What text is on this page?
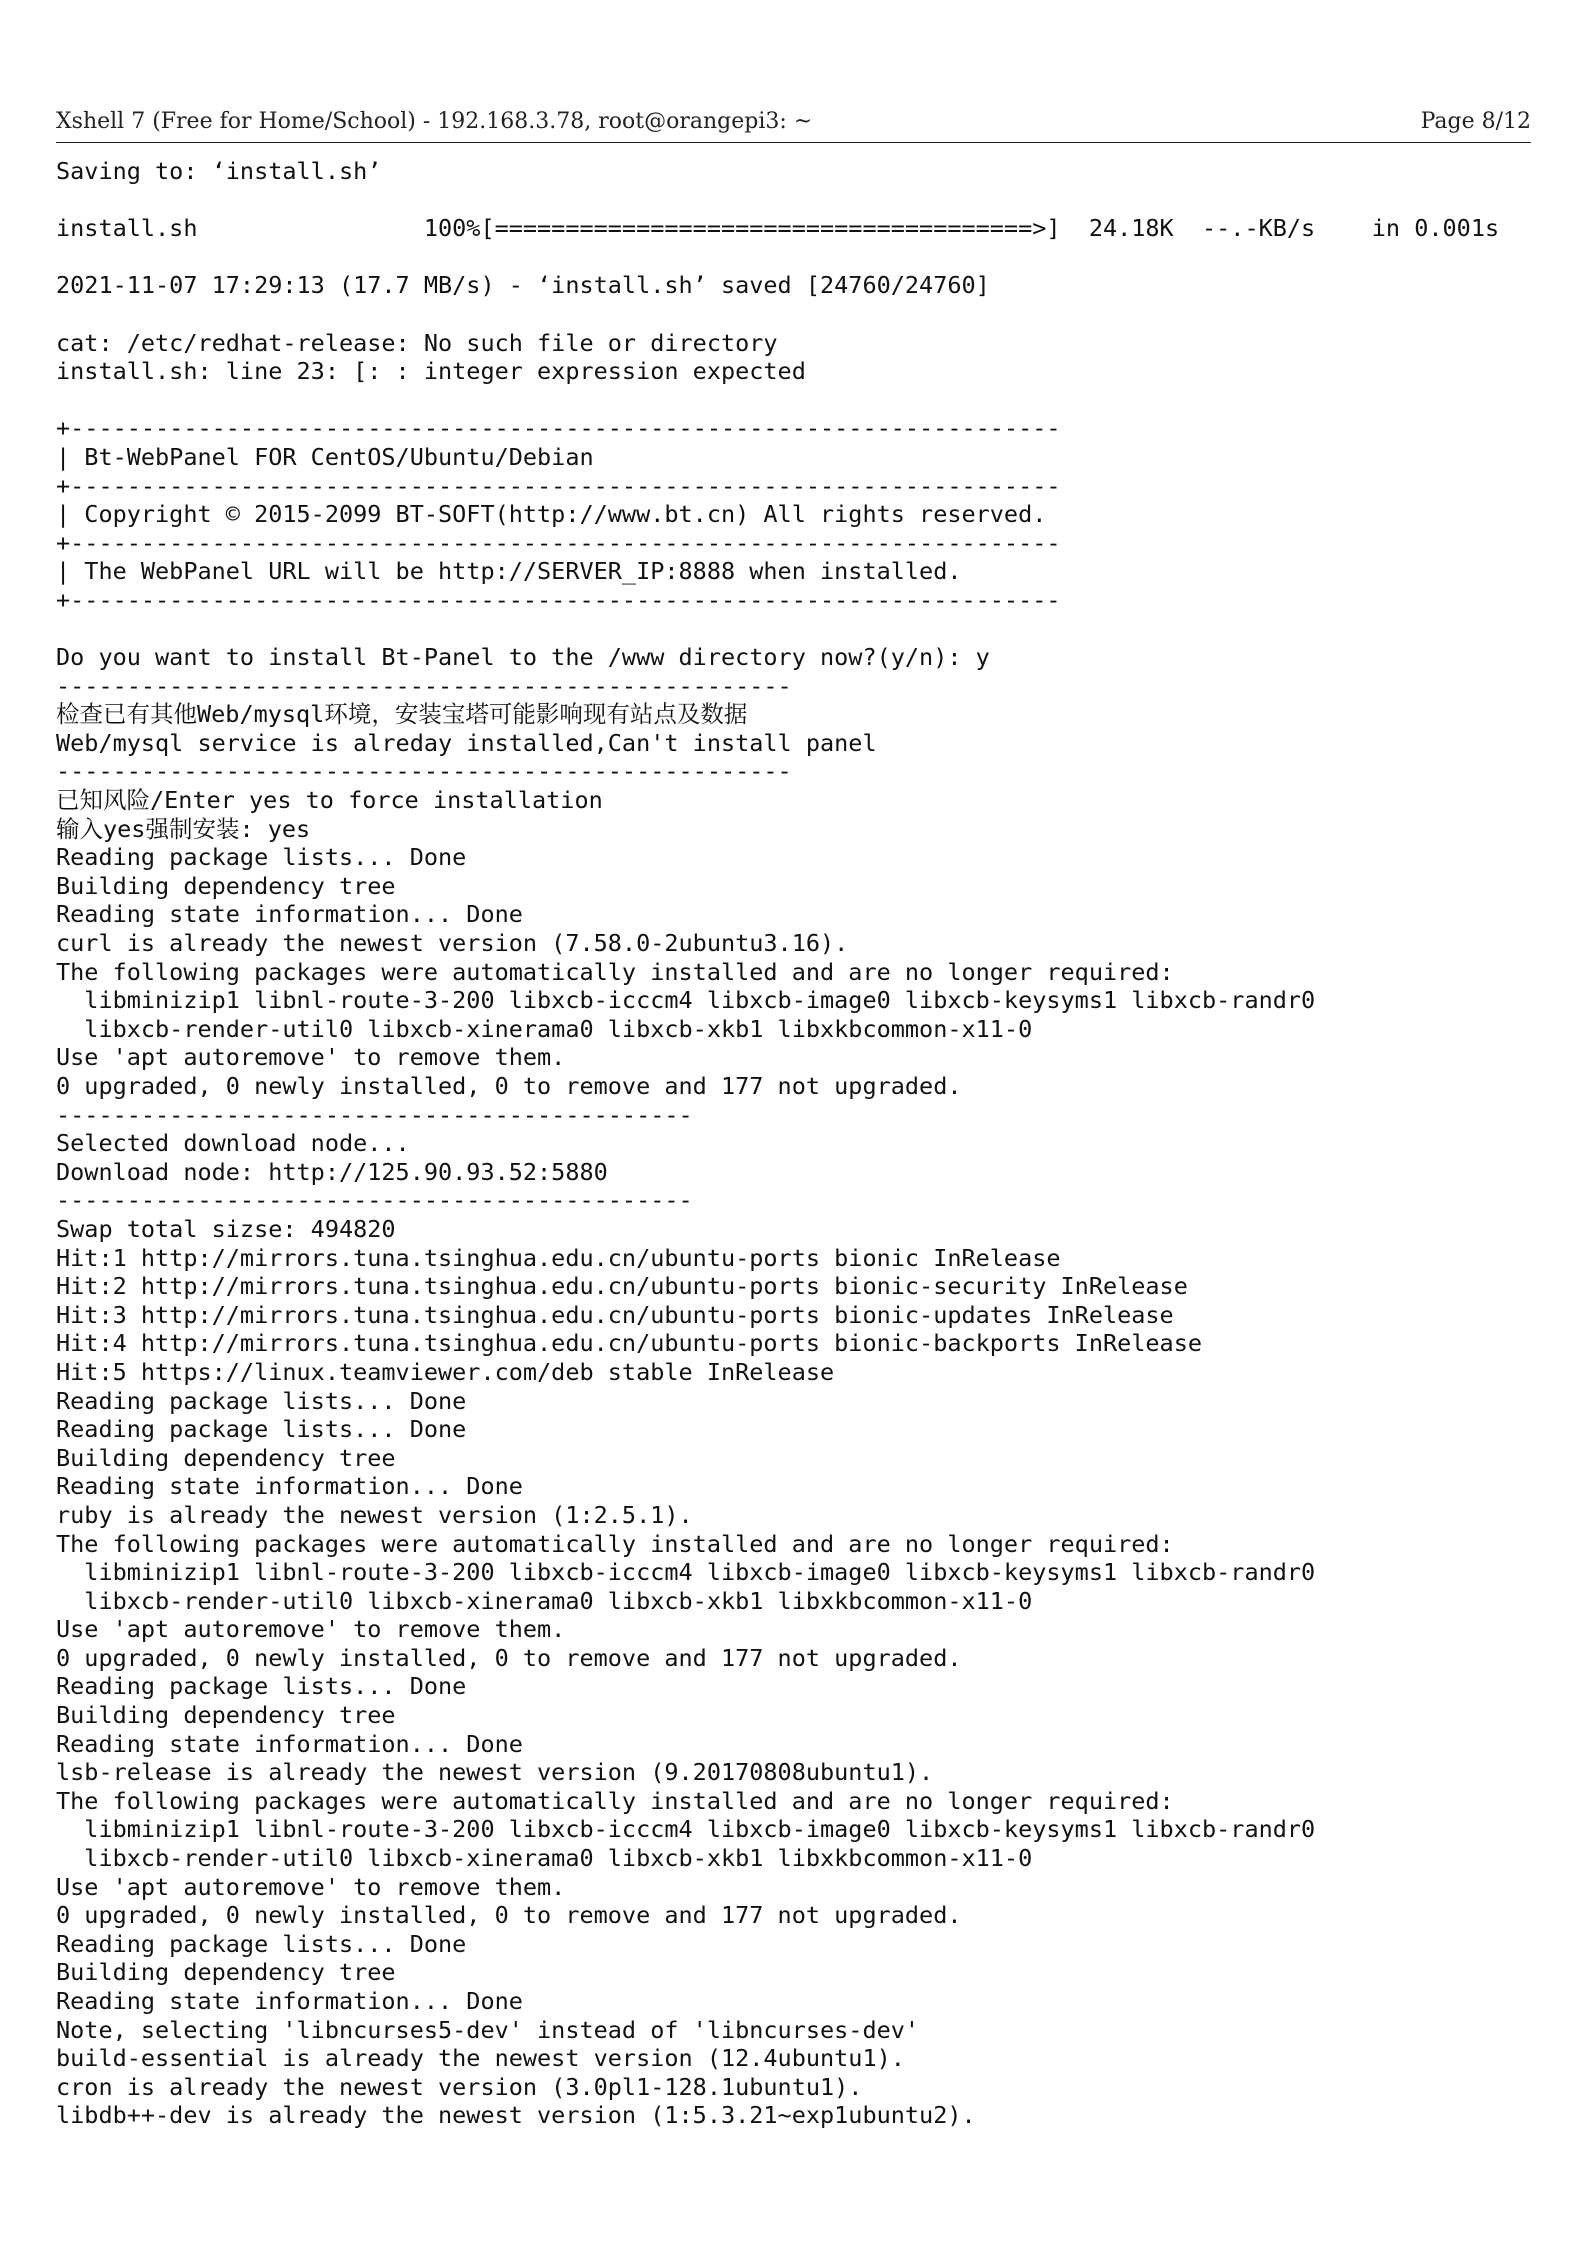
Xshell 7 (Free for Home/School) - 192.168.3.78, root@orangepi3: ~	Page 8/12
Saving to: ‘install.sh’
install.sh                100%[======================================>]  24.18K  --.-KB/s    in 0.001s
2021-11-07 17:29:13 (17.7 MB/s) - ‘install.sh’ saved [24760/24760]
cat: /etc/redhat-release: No such file or directory
install.sh: line 23: [: : integer expression expected
+----------------------------------------------------------------------
| Bt-WebPanel FOR CentOS/Ubuntu/Debian
+----------------------------------------------------------------------
| Copyright © 2015-2099 BT-SOFT(http://www.bt.cn) All rights reserved.
+----------------------------------------------------------------------
| The WebPanel URL will be http://SERVER_IP:8888 when installed.
+----------------------------------------------------------------------
Do you want to install Bt-Panel to the /www directory now?(y/n): y
----------------------------------------------------
检查已有其他Web/mysql环境，安装宝塔可能影响现有站点及数据
Web/mysql service is alreday installed,Can't install panel
----------------------------------------------------
已知风险/Enter yes to force installation
输入yes强制安装: yes
Reading package lists... Done
Building dependency tree
Reading state information... Done
curl is already the newest version (7.58.0-2ubuntu3.16).
The following packages were automatically installed and are no longer required:
libminizip1 libnl-route-3-200 libxcb-icccm4 libxcb-image0 libxcb-keysyms1 libxcb-randr0
libxcb-render-util0 libxcb-xinerama0 libxcb-xkb1 libxkbcommon-x11-0
Use 'apt autoremove' to remove them.
0 upgraded, 0 newly installed, 0 to remove and 177 not upgraded.
---------------------------------------------
Selected download node...
Download node: http://125.90.93.52:5880
---------------------------------------------
Swap total sizse: 494820
Hit:1 http://mirrors.tuna.tsinghua.edu.cn/ubuntu-ports bionic InRelease
Hit:2 http://mirrors.tuna.tsinghua.edu.cn/ubuntu-ports bionic-security InRelease
Hit:3 http://mirrors.tuna.tsinghua.edu.cn/ubuntu-ports bionic-updates InRelease
Hit:4 http://mirrors.tuna.tsinghua.edu.cn/ubuntu-ports bionic-backports InRelease
Hit:5 https://linux.teamviewer.com/deb stable InRelease
Reading package lists... Done
Reading package lists... Done
Building dependency tree
Reading state information... Done
ruby is already the newest version (1:2.5.1).
The following packages were automatically installed and are no longer required:
libminizip1 libnl-route-3-200 libxcb-icccm4 libxcb-image0 libxcb-keysyms1 libxcb-randr0
libxcb-render-util0 libxcb-xinerama0 libxcb-xkb1 libxkbcommon-x11-0
Use 'apt autoremove' to remove them.
0 upgraded, 0 newly installed, 0 to remove and 177 not upgraded.
Reading package lists... Done
Building dependency tree
Reading state information... Done
lsb-release is already the newest version (9.20170808ubuntu1).
The following packages were automatically installed and are no longer required:
libminizip1 libnl-route-3-200 libxcb-icccm4 libxcb-image0 libxcb-keysyms1 libxcb-randr0
libxcb-render-util0 libxcb-xinerama0 libxcb-xkb1 libxkbcommon-x11-0
Use 'apt autoremove' to remove them.
0 upgraded, 0 newly installed, 0 to remove and 177 not upgraded.
Reading package lists... Done
Building dependency tree
Reading state information... Done
Note, selecting 'libncurses5-dev' instead of 'libncurses-dev'
build-essential is already the newest version (12.4ubuntu1).
cron is already the newest version (3.0pl1-128.1ubuntu1).
libdb++-dev is already the newest version (1:5.3.21~exp1ubuntu2).
